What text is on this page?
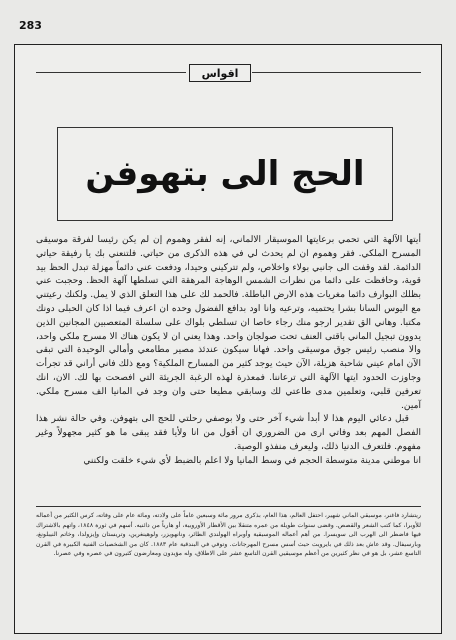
283
اقواس
الحج الى بتهوفن

أيتها الآلهة التي تحمي برعايتها الموسيقار الالماني، إنه لفقر وهموم إن لم يكن رئيسا لفرقة موسيقى المسرح الملكي. فقر وهموم ان لم يحدث لي في هذه الذكرى من حياتي. فلتنعني بك يا رفيقة حياتي الدائمة. لقد وقفت الى جانبي بولاء واخلاص، ولم تتركيني وحيدا، ودفعت عني دائماً مهزلة تبدل الحظ بيد قوية، وحافظت على دائما من نظرات الشمس الوهاجة المرهقة التي تسلطها آلهة الحظ. وحجبت عني بظلك البوارف دائما مغريات هذه الارض الباطلة. فالحمد لك على هذا التعلق الذي لا يمل. ولكنك رعيتني مع اليوس السانا بشرا يحتميه، وترعيه وانا اود بدافع الفضول وحده ان اعرف فيما اذا كان الحبلى دونك مكتبا. وهاني الق تقدير ارجو منك رجاء خاصا ان تسلطي بلواك على سلسلة المتعصبين المجانين الذين يدوون تبجيل الماني باقتى العنف تحت صولجان واحد. وهذا يعني ان لا يكون هناك الا مسرح ملكي واحد، والا منصب رئيس جوق موسيقى واحد. فهانا سيكون عندئذ مصير مطامعي وأمالي الوحيدة التي تبقى الآن امام عيني شاحبة هزيلة، الآن حيث يوجد كثير من المسارح الملكية؟ ومع ذلك فاني أراني قد تجرأت وجاوزت الحدود ايتها الآلهة التي ترعاننا. فمعذرة لهذه الرغبة الجريئة التي افصحت بها لك. الان، انك تعرفين قلبي، وتعلمين مدى طاعتي لك وسابقي مطيعا حتى وان وجد في المانيا الف مسرح ملكي. آمين.

قبل دعائي اليوم هذا لا أبدأ شيء آخر حتى ولا بوصفي رحلتي للحج الى بتهوفن. وفي حالة نشر هذا الفصل المهم بعد وفاتي ارى من الضروري ان أقول من انا ولأيا فقد يبقى ما هو كثير مجهولاً وغير مفهوم. فلتعرف الدنيا ذلك، وليعرف منفذو الوصية.

انا موطني مدينة متوسطة الحجم في وسط المانيا ولا اعلم بالضبط لأي شيء خلقت ولكنني

ريتشارد فاغنر، موسيقي الماني شهير، احتفل العالم، هذا العام، بذكرى مرور مائة وسبعين عاماً على ولادته، ومائة عام على وفاته، كرس الكثير من أعماله للأوبرا، كما كتب الشعر والقصص. وقضى سنوات طويلة من عمره متنقلا بين الأقطار الأوروبية، أو هارباً من دائنيه. أسهم في ثورة ١٨٤٨، واتهم بالاشتراك فيها فاضطر الى الهرب الى سويسرا. من أهم أعماله الموسيقية وأوبراه الهولندي الطائر، ونانهويزر، ولوهينغرين، وتريستان وإيزولدا، وخاتم النيبلونغ، وبارسيفال. وقد عاش بعد ذلك في بايرويت حيث أسس مسرح المهرجانات. وتوفي في البندقية عام ١٨٨٣. كان من الشخصيات الفنية الكبيرة في القرن التاسع عشر، بل هو في نظر كثيرين من أعظم موسيقيي القرن التاسع عشر على الاطلاق، وله مؤيدون ومعارضون كثيرون في عصره وفي عصرنا.
